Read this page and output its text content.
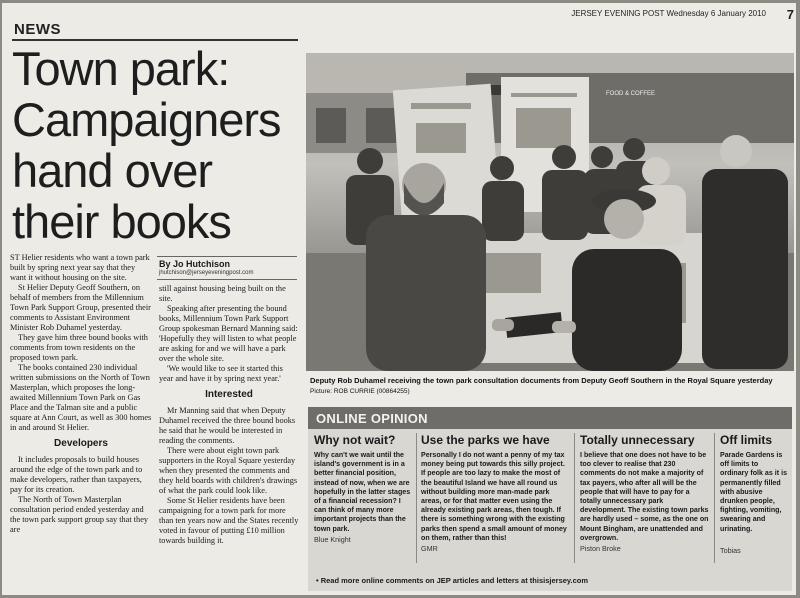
JERSEY EVENING POST Wednesday 6 January 2010 7
NEWS
Town park: Campaigners hand over their books
FOOD & COFFEE
Deputy Rob Duhamel receiving the town park consultation documents from Deputy Geoff Southern in the Royal Square yesterday Picture: ROB CURRIE (00864255)
By Jo Hutchison
jhutchison@jerseyeveningpost.com

ST Helier residents who want a town park built by spring next year say that they want it without housing on the site.

St Helier Deputy Geoff Southern, on behalf of members from the Millennium Town Park Support Group, presented their comments to Assistant Environment Minister Rob Duhamel yesterday.

They gave him three bound books with comments from town residents on the proposed town park.

The books contained 230 individual written submissions on the North of Town Masterplan, which proposes the long-awaited Millennium Town Park on Gas Place and the Talman site and a public square at Ann Court, as well as 300 homes in and around St Helier.

Developers

It includes proposals to build houses around the edge of the town park and to make developers, rather than taxpayers, pay for its creation.

The North of Town Masterplan consultation period ended yesterday and the town park support group say that they are

still against housing being built on the site.

Speaking after presenting the bound books, Millennium Town Park Support Group spokesman Bernard Manning said: 'Hopefully they will listen to what people are asking for and we will have a park over the whole site.

'We would like to see it started this year and have it by spring next year.'

Interested

Mr Manning said that when Deputy Duhamel received the three bound books he said that he would be interested in reading the comments.

There were about eight town park supporters in the Royal Square yesterday when they presented the comments and they held boards with children's drawings of what the park could look like.

Some St Helier residents have been campaigning for a town park for more than ten years now and the States recently voted in favour of putting £10 million towards building it.

ONLINE OPINION
Why not wait?
Why can't we wait until the island's government is in a better financial position, instead of now, when we are hopefully in the latter stages of a financial recession? I can think of many more important projects than the town park.
Blue Knight
Use the parks we have
Personally I do not want a penny of my tax money being put towards this silly project. If people are too lazy to make the most of the beautiful Island we have all round us without building more man-made park areas, or for that matter even using the already existing park areas, then tough. If there is something wrong with the existing parks then spend a small amount of money on them, rather than this!
GMR
Totally unnecessary
I believe that one does not have to be too clever to realise that 230 comments do not make a majority of tax payers, who after all will be the people that will have to pay for a totally unnecessary park development. The existing town parks are hardly used – some, as the one on Mount Bingham, are unattended and overgrown.
Piston Broke
Off limits
Parade Gardens is off limits to ordinary folk as it is permanently filled with abusive drunken people, fighting, vomiting, swearing and urinating.
Tobias
• Read more online comments on JEP articles and letters at thisisjersey.com
